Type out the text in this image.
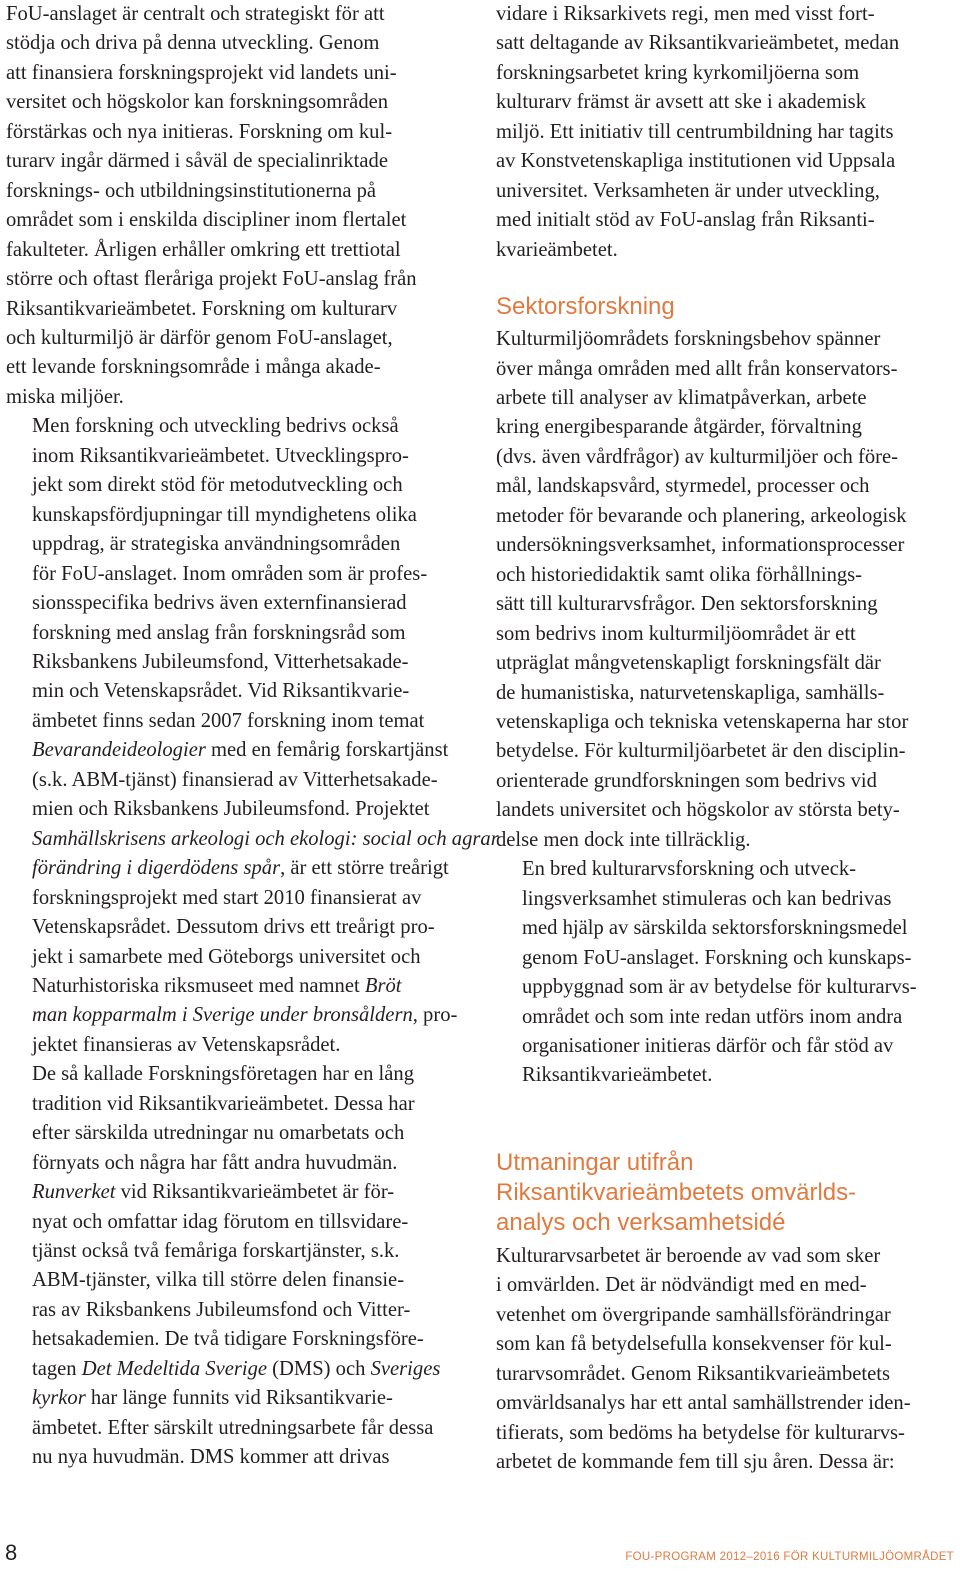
FoU-anslaget är centralt och strategiskt för att
stödja och driva på denna utveckling. Genom
att finansiera forskningsprojekt vid landets uni-
versitet och högskolor kan forskningsområden
förstärkas och nya initieras. Forskning om kul-
turarv ingår därmed i såväl de specialinriktade
forsknings- och utbildningsinstitutionerna på
området som i enskilda discipliner inom flertalet
fakulteter. Årligen erhåller omkring ett trettiotal
större och oftast fleråriga projekt FoU-anslag från
Riksantikvarieämbetet. Forskning om kulturarv
och kulturmiljö är därför genom FoU-anslaget,
ett levande forskningsområde i många akade-
miska miljöer.

Men forskning och utveckling bedrivs också
inom Riksantikvarieämbetet. Utvecklingspro-
jekt som direkt stöd för metodutveckling och
kunskapsfördjupningar till myndighetens olika
uppdrag, är strategiska användningsområden
för FoU-anslaget. Inom områden som är profes-
sionsspecifika bedrivs även externfinansierad
forskning med anslag från forskningsråd som
Riksbankens Jubileumsfond, Vitterhetsakade-
min och Vetenskapsrådet. Vid Riksantikvarie-
ämbetet finns sedan 2007 forskning inom temat
Bevarandeideologier med en femårig forskartjänst
(s.k. ABM-tjänst) finansierad av Vitterhetsakade-
mien och Riksbankens Jubileumsfond. Projektet
Samhällskrisens arkeologi och ekologi: social och agrar
förändring i digerdödens spår, är ett större treårigt
forskningsprojekt med start 2010 finansierat av
Vetenskapsrådet. Dessutom drivs ett treårigt pro-
jekt i samarbete med Göteborgs universitet och
Naturhistoriska riksmuseet med namnet Bröt
man kopparmalm i Sverige under bronsåldern, pro-
jektet finansieras av Vetenskapsrådet.

De så kallade Forskningsföretagen har en lång
tradition vid Riksantikvarieämbetet. Dessa har
efter särskilda utredningar nu omarbetats och
förnyats och några har fått andra huvudmän.
Runverket vid Riksantikvarieämbetet är för-
nyat och omfattar idag förutom en tillsvidare-
tjänst också två femåriga forskartjänster, s.k.
ABM-tjänster, vilka till större delen finansie-
ras av Riksbankens Jubileumsfond och Vitter-
hetsakademien. De två tidigare Forskningsföre-
tagen Det Medeltida Sverige (DMS) och Sveriges
kyrkor har länge funnits vid Riksantikvarie-
ämbetet. Efter särskilt utredningsarbete får dessa
nu nya huvudmän. DMS kommer att drivas

vidare i Riksarkivets regi, men med visst fort-
satt deltagande av Riksantikvarieämbetet, medan
forskningsarbetet kring kyrkomiljöerna som
kulturarv främst är avsett att ske i akademisk
miljö. Ett initiativ till centrumbildning har tagits
av Konstvetenskapliga institutionen vid Uppsala
universitet. Verksamheten är under utveckling,
med initialt stöd av FoU-anslag från Riksanti-
kvarieämbetet.

Sektorsforskning

Kulturmiljöområdets forskningsbehov spänner
över många områden med allt från konservators-
arbete till analyser av klimatpåverkan, arbete
kring energibesparande åtgärder, förvaltning
(dvs. även vårdfrågor) av kulturmiljöer och före-
mål, landskapsvård, styrmedel, processer och
metoder för bevarande och planering, arkeologisk
undersökningsverksamhet, informationsprocesser
och historiedidaktik samt olika förhållnings-
sätt till kulturarvsfrågor. Den sektorsforskning
som bedrivs inom kulturmiljöområdet är ett
utpräglat mångvetenskapligt forskningsfält där
de humanistiska, naturvetenskapliga, samhälls-
vetenskapliga och tekniska vetenskaperna har stor
betydelse. För kulturmiljöarbetet är den disciplin-
orienterade grundforskningen som bedrivs vid
landets universitet och högskolor av största bety-
delse men dock inte tillräcklig.

En bred kulturarvsforskning och utveck-
lingsverksamhet stimuleras och kan bedrivas
med hjälp av särskilda sektorsforskningsmedel
genom FoU-anslaget. Forskning och kunskaps-
uppbyggnad som är av betydelse för kulturarvs-
området och som inte redan utförs inom andra
organisationer initieras därför och får stöd av
Riksantikvarieämbetet.

Utmaningar utifrån
Riksantikvarieämbetets omvärlds-
analys och verksamhetsidé

Kulturarvsarbetet är beroende av vad som sker
i omvärlden. Det är nödvändigt med en med-
vetenhet om övergripande samhällsförändringar
som kan få betydelsefulla konsekvenser för kul-
turarvsområdet. Genom Riksantikvarieämbetets
omvärldsanalys har ett antal samhällstrender iden-
tifierats, som bedöms ha betydelse för kulturarvs-
arbetet de kommande fem till sju åren. Dessa är:

8	FOU-PROGRAM 2012–2016 FÖR KULTURMILJÖOMRÅDET
